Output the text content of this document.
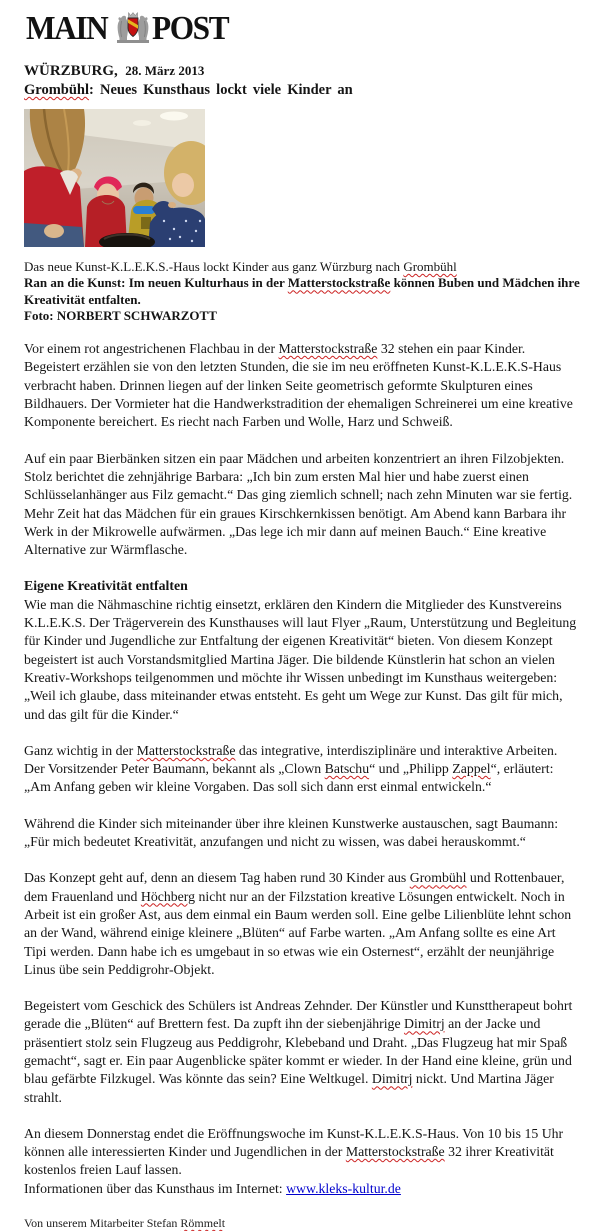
MAIN POST
WÜRZBURG, 28. März 2013
Grombühl: Neues Kunsthaus lockt viele Kinder an
Das neue Kunst-K.L.E.K.S.-Haus lockt Kinder aus ganz Würzburg nach Grombühl
Ran an die Kunst: Im neuen Kulturhaus in der Matterstockstraße können Buben und Mädchen ihre Kreativität entfalten.
Foto: NORBERT SCHWARZOTT

Vor einem rot angestrichenen Flachbau in der Matterstockstraße 32 stehen ein paar Kinder. Begeistert erzählen sie von den letzten Stunden, die sie im neu eröffneten Kunst-K.L.E.K.S-Haus verbracht haben. Drinnen liegen auf der linken Seite geometrisch geformte Skulpturen eines Bildhauers. Der Vormieter hat die Handwerkstradition der ehemaligen Schreinerei um eine kreative Komponente bereichert. Es riecht nach Farben und Wolle, Harz und Schweiß.

Auf ein paar Bierbänken sitzen ein paar Mädchen und arbeiten konzentriert an ihren Filzobjekten. Stolz berichtet die zehnjährige Barbara: „Ich bin zum ersten Mal hier und habe zuerst einen Schlüsselanhänger aus Filz gemacht.“ Das ging ziemlich schnell; nach zehn Minuten war sie fertig. Mehr Zeit hat das Mädchen für ein graues Kirschkernkissen benötigt. Am Abend kann Barbara ihr Werk in der Mikrowelle aufwärmen. „Das lege ich mir dann auf meinen Bauch.“ Eine kreative Alternative zur Wärmflasche.

Eigene Kreativität entfalten

Wie man die Nähmaschine richtig einsetzt, erklären den Kindern die Mitglieder des Kunstvereins K.L.E.K.S. Der Trägerverein des Kunsthauses will laut Flyer „Raum, Unterstützung und Begleitung für Kinder und Jugendliche zur Entfaltung der eigenen Kreativität“ bieten. Von diesem Konzept begeistert ist auch Vorstandsmitglied Martina Jäger. Die bildende Künstlerin hat schon an vielen Kreativ-Workshops teilgenommen und möchte ihr Wissen unbedingt im Kunsthaus weitergeben: „Weil ich glaube, dass miteinander etwas entsteht. Es geht um Wege zur Kunst. Das gilt für mich, und das gilt für die Kinder.“

Ganz wichtig in der Matterstockstraße das integrative, interdisziplinäre und interaktive Arbeiten. Der Vorsitzender Peter Baumann, bekannt als „Clown Batschu“ und „Philipp Zappel“, erläutert: „Am Anfang geben wir kleine Vorgaben. Das soll sich dann erst einmal entwickeln.“

Während die Kinder sich miteinander über ihre kleinen Kunstwerke austauschen, sagt Baumann: „Für mich bedeutet Kreativität, anzufangen und nicht zu wissen, was dabei herauskommt.“

Das Konzept geht auf, denn an diesem Tag haben rund 30 Kinder aus Grombühl und Rottenbauer, dem Frauenland und Höchberg nicht nur an der Filzstation kreative Lösungen entwickelt. Noch in Arbeit ist ein großer Ast, aus dem einmal ein Baum werden soll. Eine gelbe Lilienblüte lehnt schon an der Wand, während einige kleinere „Blüten“ auf Farbe warten. „Am Anfang sollte es eine Art Tipi werden. Dann habe ich es umgebaut in so etwas wie ein Osternest“, erzählt der neunjährige Linus übe sein Peddigrohr-Objekt.

Begeistert vom Geschick des Schülers ist Andreas Zehnder. Der Künstler und Kunsttherapeut bohrt gerade die „Blüten“ auf Brettern fest. Da zupft ihn der siebenjährige Dimitrj an der Jacke und präsentiert stolz sein Flugzeug aus Peddigrohr, Klebeband und Draht. „Das Flugzeug hat mir Spaß gemacht“, sagt er. Ein paar Augenblicke später kommt er wieder. In der Hand eine kleine, grün und blau gefärbte Filzkugel. Was könnte das sein? Eine Weltkugel. Dimitrj nickt. Und Martina Jäger strahlt.

An diesem Donnerstag endet die Eröffnungswoche im Kunst-K.L.E.K.S-Haus. Von 10 bis 15 Uhr können alle interessierten Kinder und Jugendlichen in der Matterstockstraße 32 ihrer Kreativität kostenlos freien Lauf lassen.
Informationen über das Kunsthaus im Internet: www.kleks-kultur.de

Von unserem Mitarbeiter Stefan Römmelt
